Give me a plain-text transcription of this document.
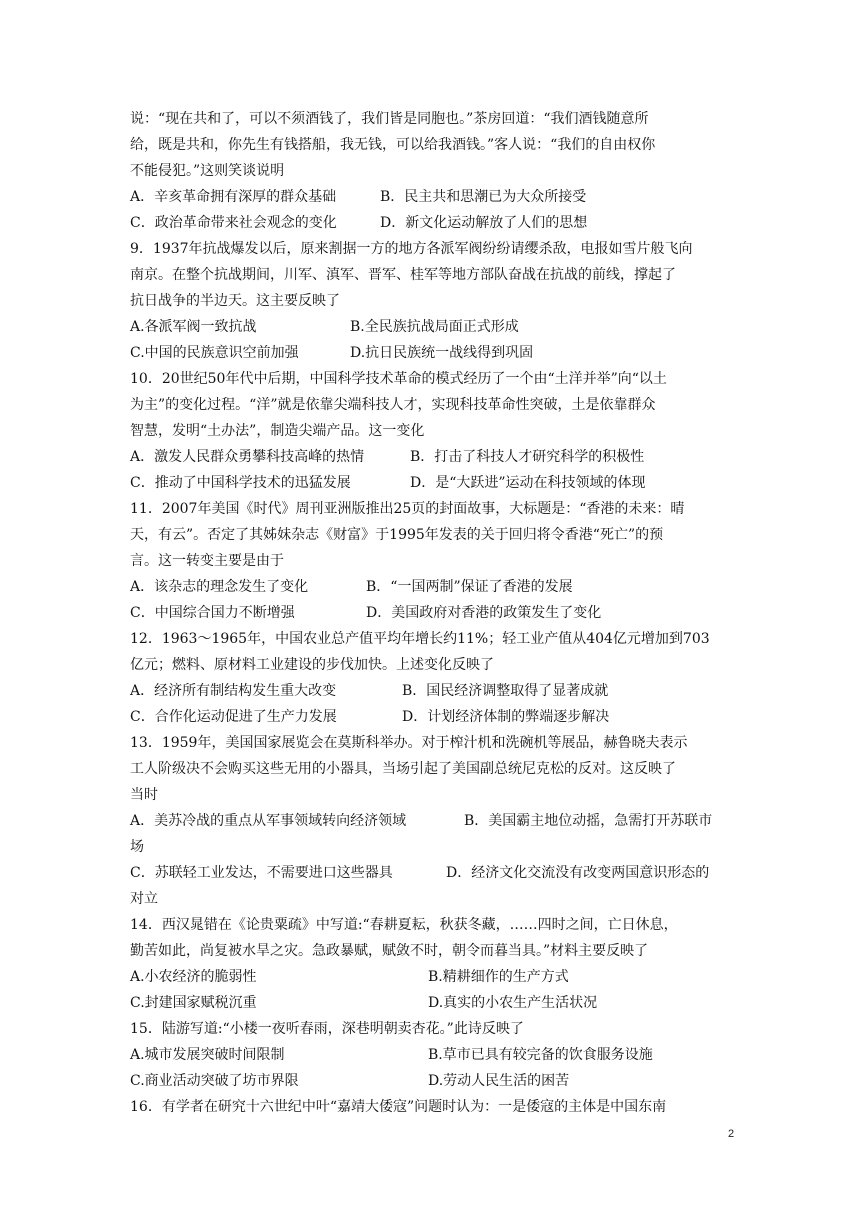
说：“现在共和了，可以不须酒钱了，我们皆是同胞也。”茶房回道：“我们酒钱随意所
给，既是共和，你先生有钱搭船，我无钱，可以给我酒钱。”客人说：“我们的自由权你
不能侵犯。”这则笑谈说明
A．辛亥革命拥有深厚的群众基础	B．民主共和思潮已为大众所接受
C．政治革命带来社会观念的变化	D．新文化运动解放了人们的思想
9．1937年抗战爆发以后，原来割据一方的地方各派军阀纷纷请缨杀敌，电报如雪片般飞向
南京。在整个抗战期间，川军、滇军、晋军、桂军等地方部队奋战在抗战的前线，撑起了
抗日战争的半边天。这主要反映了
A.各派军阀一致抗战	B.全民族抗战局面正式形成
C.中国的民族意识空前加强	D.抗日民族统一战线得到巩固
10．20世纪50年代中后期，中国科学技术革命的模式经历了一个由“土洋并举”向“以土
为主”的变化过程。“洋”就是依靠尖端科技人才，实现科技革命性突破，土是依靠群众
智慧，发明“土办法”，制造尖端产品。这一变化
A．激发人民群众勇攀科技高峰的热情	B．打击了科技人才研究科学的积极性
C．推动了中国科学技术的迅猛发展	D．是“大跃进”运动在科技领域的体现
11．2007年美国《时代》周刊亚洲版推出25页的封面故事，大标题是：“香港的未来：晴
天，有云”。否定了其姊妹杂志《财富》于1995年发表的关于回归将令香港“死亡”的预
言。这一转变主要是由于
A．该杂志的理念发生了变化	B．“一国两制”保证了香港的发展
C．中国综合国力不断增强	D．美国政府对香港的政策发生了变化
12．1963～1965年，中国农业总产值平均年增长约11%；轻工业产值从404亿元增加到703
亿元；燃料、原材料工业建设的步伐加快。上述变化反映了
A．经济所有制结构发生重大改变	B．国民经济调整取得了显著成就
C．合作化运动促进了生产力发展	D．计划经济体制的弊端逐步解决
13．1959年，美国国家展览会在莫斯科举办。对于榨汁机和洗碗机等展品，赫鲁晓夫表示
工人阶级决不会购买这些无用的小器具，当场引起了美国副总统尼克松的反对。这反映了
当时
A．美苏冷战的重点从军事领域转向经济领域	B．美国霸主地位动摇，急需打开苏联市
场
C．苏联轻工业发达，不需要进口这些器具	D．经济文化交流没有改变两国意识形态的
对立
14．西汉晁错在《论贵粟疏》中写道:“春耕夏耘，秋获冬藏，……四时之间，亡日休息，
勤苦如此，尚复被水旱之灾。急政暴赋，赋敛不时，朝令而暮当具。”材料主要反映了
A.小农经济的脆弱性	B.精耕细作的生产方式
C.封建国家赋税沉重	D.真实的小农生产生活状况
15．陆游写道:“小楼一夜听春雨，深巷明朝卖杏花。”此诗反映了
A.城市发展突破时间限制	B.草市已具有较完备的饮食服务设施
C.商业活动突破了坊市界限	D.劳动人民生活的困苦
16．有学者在研究十六世纪中叶“嘉靖大倭寇”问题时认为：一是倭寇的主体是中国东南
2
